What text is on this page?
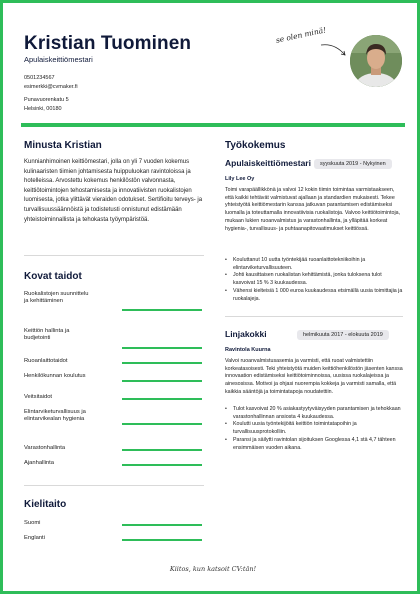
Kristian Tuominen
Apulaiskeittiömestari
0501234567
esimerkki@cvmaker.fi
Punavuorenkatu 5
Helsinki, 00180
se olen minä!
Minusta Kristian
Kunnianhimoinen keittiömestari, jolla on yli 7 vuoden kokemus kulinaaristen tiimien johtamisesta huippuluokan ravintoloissa ja hotelleissa. Arvostettu kokemus henkilöstön valvonnasta, keittiötoimintojen tehostamisesta ja innovatiivisten ruokalistojen luomisesta, jotka ylittävät vieraiden odotukset. Sertifioitu terveys- ja turvallisuussäännöistä ja todistetusti onnistunut edistämään yhteistoiminnallista ja tehokasta työympäristöä.
Kovat taidot
Ruokalistojen suunnittelu ja kehittäminen
Keittiön hallinta ja budjetointi
Ruoanlaittotaidot
Henkilökunnan koulutus
Veitsitaidot
Elintarviketurvallisuus ja elintarvikealan hygienia
Varastonhallinta
Ajanhallinta
Kielitaito
Suomi
Englanti
Työkokemus
Apulaiskeittiömestari	syyskuuta 2019 - Nykyinen
Lily Lee Oy
Toimi varapäällikkönä ja valvoi 12 kokin tiimin toimintaa varmistaakseen, että kaikki tehtävät valmistuvat ajallaan ja standardien mukaisesti. Tekee yhteistyötä keittiömestarin kanssa jatkuvan parantamisen edistämiseksi luomalla ja toteuttamalla innovatiivisia ruokalistoja. Valvoo keittiötoimintoja, mukaan lukien ruoanvalmistus ja varastonhallinta, ja ylläpitää korkeat hygienia-, turvallisuus- ja puhtaanapitovaatimukset keittiössä.
• Kouluttanut 10 uutta työntekijää ruoanlaittotekniikoihin ja elintarviketurvallisuuteen.
• Johti kausittaisen ruokalistan kehittämistä, jonka tuloksena tulot kasvoivat 15 % 3 kuukaudessa.
• Vähensi kielteisiä 1 000 euroa kuukaudessa etsimällä uusia toimittajia ja ruokalajeja.
Linjakokki	helmikuuta 2017 - elokuuta 2019
Ravintola Kuurna
Valvoi ruoanvalmistusasemia ja varmisti, että ruoat valmistettiin korkeatasoisesti. Teki yhteistyötä muiden keittiöhenkilöstön jäsenten kanssa innovaation edistämiseksi keittiötoiminnoissa, uusissa ruokalajeissa ja ainesosissa. Motivoi ja ohjasi nuorempia kokkeja ja varmisti samalla, että kaikkia sääntöjä ja toimintatapoja noudatettiin.
• Tulot kasvoivat 20 % asiakastyytyväisyyden parantamisen ja tehokkaan varastonhallinnan ansiosta 4 kuukaudessa.
• Koulutti uusia työntekijöitä keittiön toimintatapoihin ja turvallisuusprotokolliin.
• Paransi ja säilytti ravintolan sijoituksen Googlessa 4,1 stä 4,7 tähteen ensimmäisen vuoden aikana.
Kiitos, kun katsoit CV:tän!
